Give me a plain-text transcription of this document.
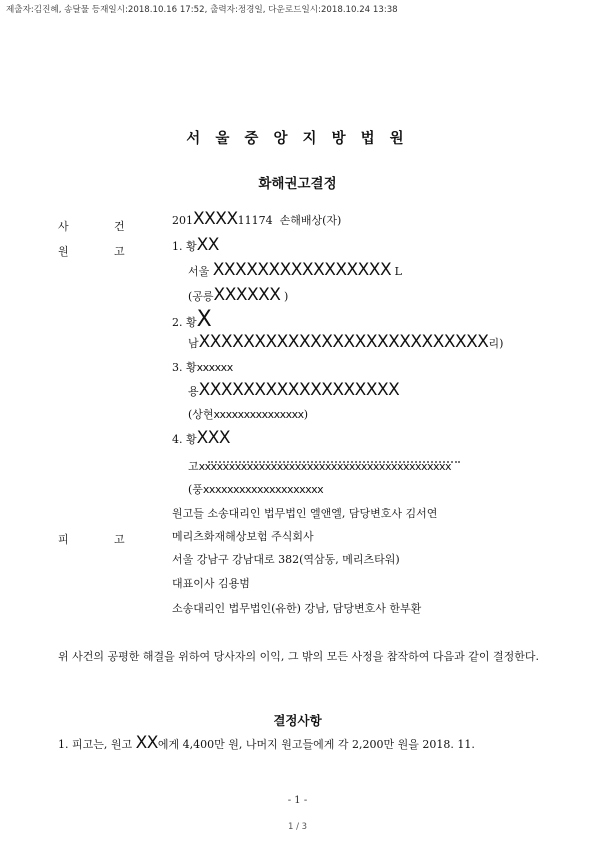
제출자:김진혜, 송달물 등재일시:2018.10.16 17:52, 출력자:정경일, 다운로드일시:2018.10.24 13:38
서 울 중 앙 지 방 법 원
화해권고결정
사	건	201XXXX11174 손해배상(자)
원	고	1. 황XX
서울 XXXXXXXXXXXXXXXX L
(공릉XXXXXX )
2. 황X
남XXXXXXXXXXXXXXXXXXXXXXXXXX리)
3. 황xxxxxx
용XXXXXXXXXXXXXXXXXX
(상현xxxxxxxxxxxxxxx)
4. 황XXX
고xxxxxxxxxxxxxxxxxxxxxxxxxxxxxxxxxxxxxxxxxx
(풍xxxxxxxxxxxxxxxxxxxx
원고들 소송대리인 법무법인 엘앤엘, 담당변호사 김서연
피	고	메리츠화재해상보험 주식회사
서울 강남구 강남대로 382(역삼동, 메리츠타워)
대표이사 김용범
소송대리인 법무법인(유한) 강남, 담당변호사 한부환
위 사건의 공평한 해결을 위하여 당사자의 이익, 그 밖의 모든 사정을 참작하여 다음과 같이 결정한다.
결정사항
1. 피고는, 원고 XX에게 4,400만 원, 나머지 원고들에게 각 2,200만 원을 2018. 11.
- 1 -
1 / 3
